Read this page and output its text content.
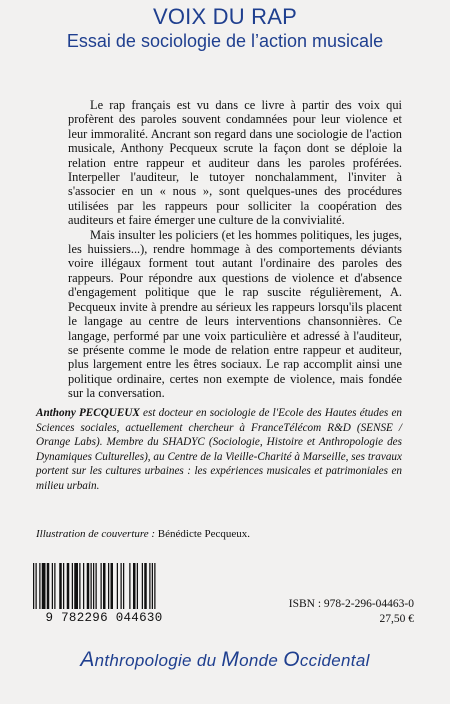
VOIX DU RAP
Essai de sociologie de l’action musicale

Le rap français est vu dans ce livre à partir des voix qui profèrent des paroles souvent condamnées pour leur violence et leur immoralité. Ancrant son regard dans une sociologie de l'action musicale, Anthony Pecqueux scrute la façon dont se déploie la relation entre rappeur et auditeur dans les paroles proférées. Interpeller l'auditeur, le tutoyer nonchalamment, l'inviter à s'associer en un « nous », sont quelques-unes des procédures utilisées par les rappeurs pour solliciter la coopération des auditeurs et faire émerger une culture de la convivialité.

Mais insulter les policiers (et les hommes politiques, les juges, les huissiers...), rendre hommage à des comportements déviants voire illégaux forment tout autant l'ordinaire des paroles des rappeurs. Pour répondre aux questions de violence et d'absence d'engagement politique que le rap suscite régulièrement, A. Pecqueux invite à prendre au sérieux les rappeurs lorsqu'ils placent le langage au centre de leurs interventions chansonnières. Ce langage, performé par une voix particulière et adressé à l'auditeur, se présente comme le mode de relation entre rappeur et auditeur, plus largement entre les êtres sociaux. Le rap accomplit ainsi une politique ordinaire, certes non exempte de violence, mais fondée sur la conversation.

Anthony PECQUEUX est docteur en sociologie de l'Ecole des Hautes études en Sciences sociales, actuellement chercheur à FranceTélécom R&D (SENSE / Orange Labs). Membre du SHADYC (Sociologie, Histoire et Anthropologie des Dynamiques Culturelles), au Centre de la Vieille-Charité à Marseille, ses travaux portent sur les cultures urbaines : les expériences musicales et patrimoniales en milieu urbain.
Illustration de couverture : Bénédicte Pecqueux.
9 782296 044630
ISBN : 978-2-296-04463-0
27,50 €
Anthropologie du Monde Occidental
